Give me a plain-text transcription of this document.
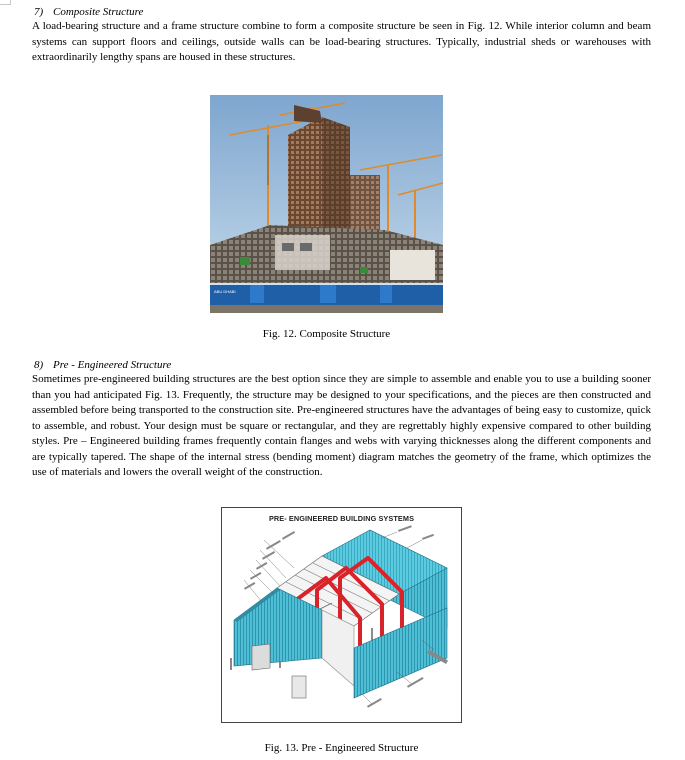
7) Composite Structure
A load-bearing structure and a frame structure combine to form a composite structure be seen in Fig. 12. While interior column and beam systems can support floors and ceilings, outside walls can be load-bearing structures. Typically, industrial sheds or warehouses with extraordinarily lengthy spans are housed in these structures.
ABU DHABI
Fig. 12. Composite Structure
8) Pre - Engineered Structure
Sometimes pre-engineered building structures are the best option since they are simple to assemble and enable you to use a building sooner than you had anticipated Fig. 13. Frequently, the structure may be designed to your specifications, and the pieces are then constructed and assembled before being transported to the construction site. Pre-engineered structures have the advantages of being easy to customize, quick to assemble, and robust. Your design must be square or rectangular, and they are regrettably highly expensive compared to other building styles. Pre – Engineered building frames frequently contain flanges and webs with varying thicknesses along the different components and are typically tapered. The shape of the internal stress (bending moment) diagram matches the geometry of the frame, which optimizes the use of materials and lowers the overall weight of the construction.
PRE- ENGINEERED BUILDING SYSTEMS
Fig. 13. Pre - Engineered Structure
